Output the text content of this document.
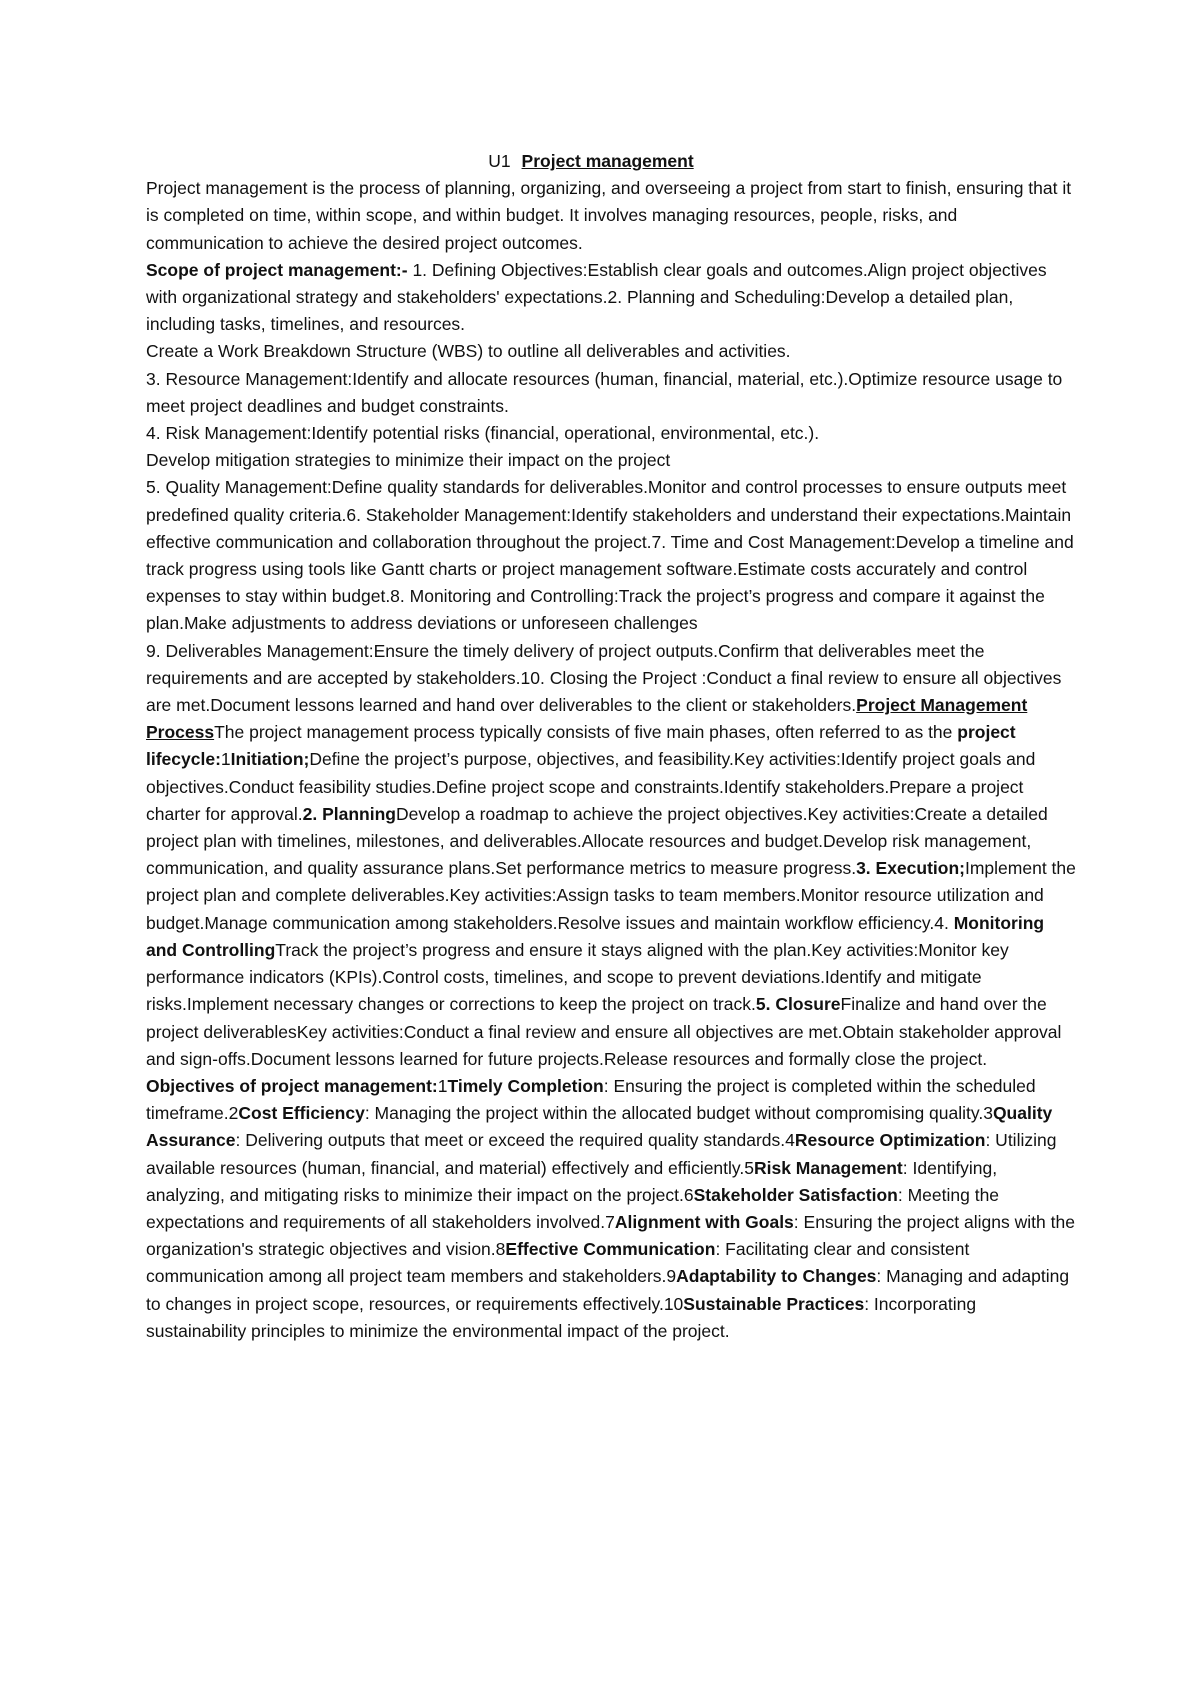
U1 Project management

Project management is the process of planning, organizing, and overseeing a project from start to finish, ensuring that it is completed on time, within scope, and within budget. It involves managing resources, people, risks, and communication to achieve the desired project outcomes.

Scope of project management:- 1. Defining Objectives:Establish clear goals and outcomes.Align project objectives with organizational strategy and stakeholders' expectations.2. Planning and Scheduling:Develop a detailed plan, including tasks, timelines, and resources.

Create a Work Breakdown Structure (WBS) to outline all deliverables and activities.

3. Resource Management:Identify and allocate resources (human, financial, material, etc.).Optimize resource usage to meet project deadlines and budget constraints.

4. Risk Management:Identify potential risks (financial, operational, environmental, etc.).

Develop mitigation strategies to minimize their impact on the project

5. Quality Management:Define quality standards for deliverables.Monitor and control processes to ensure outputs meet predefined quality criteria.6. Stakeholder Management:Identify stakeholders and understand their expectations.Maintain effective communication and collaboration throughout the project.7. Time and Cost Management:Develop a timeline and track progress using tools like Gantt charts or project management software.Estimate costs accurately and control expenses to stay within budget.8. Monitoring and Controlling:Track the project’s progress and compare it against the plan.Make adjustments to address deviations or unforeseen challenges

9. Deliverables Management:Ensure the timely delivery of project outputs.Confirm that deliverables meet the requirements and are accepted by stakeholders.10. Closing the Project :Conduct a final review to ensure all objectives are met.Document lessons learned and hand over deliverables to the client or stakeholders.Project Management ProcessThe project management process typically consists of five main phases, often referred to as the project lifecycle:1Initiation;Define the project’s purpose, objectives, and feasibility.Key activities:Identify project goals and objectives.Conduct feasibility studies.Define project scope and constraints.Identify stakeholders.Prepare a project charter for approval.2. PlanningDevelop a roadmap to achieve the project objectives.Key activities:Create a detailed project plan with timelines, milestones, and deliverables.Allocate resources and budget.Develop risk management, communication, and quality assurance plans.Set performance metrics to measure progress.3. Execution;Implement the project plan and complete deliverables.Key activities:Assign tasks to team members.Monitor resource utilization and budget.Manage communication among stakeholders.Resolve issues and maintain workflow efficiency.4. Monitoring and ControllingTrack the project’s progress and ensure it stays aligned with the plan.Key activities:Monitor key performance indicators (KPIs).Control costs, timelines, and scope to prevent deviations.Identify and mitigate risks.Implement necessary changes or corrections to keep the project on track.5. ClosureFinalize and hand over the project deliverablesKey activities:Conduct a final review and ensure all objectives are met.Obtain stakeholder approval and sign-offs.Document lessons learned for future projects.Release resources and formally close the project.

Objectives of project management:1Timely Completion: Ensuring the project is completed within the scheduled timeframe.2Cost Efficiency: Managing the project within the allocated budget without compromising quality.3Quality Assurance: Delivering outputs that meet or exceed the required quality standards.4Resource Optimization: Utilizing available resources (human, financial, and material) effectively and efficiently.5Risk Management: Identifying, analyzing, and mitigating risks to minimize their impact on the project.6Stakeholder Satisfaction: Meeting the expectations and requirements of all stakeholders involved.7Alignment with Goals: Ensuring the project aligns with the organization's strategic objectives and vision.8Effective Communication: Facilitating clear and consistent communication among all project team members and stakeholders.9Adaptability to Changes: Managing and adapting to changes in project scope, resources, or requirements effectively.10Sustainable Practices: Incorporating sustainability principles to minimize the environmental impact of the project.
